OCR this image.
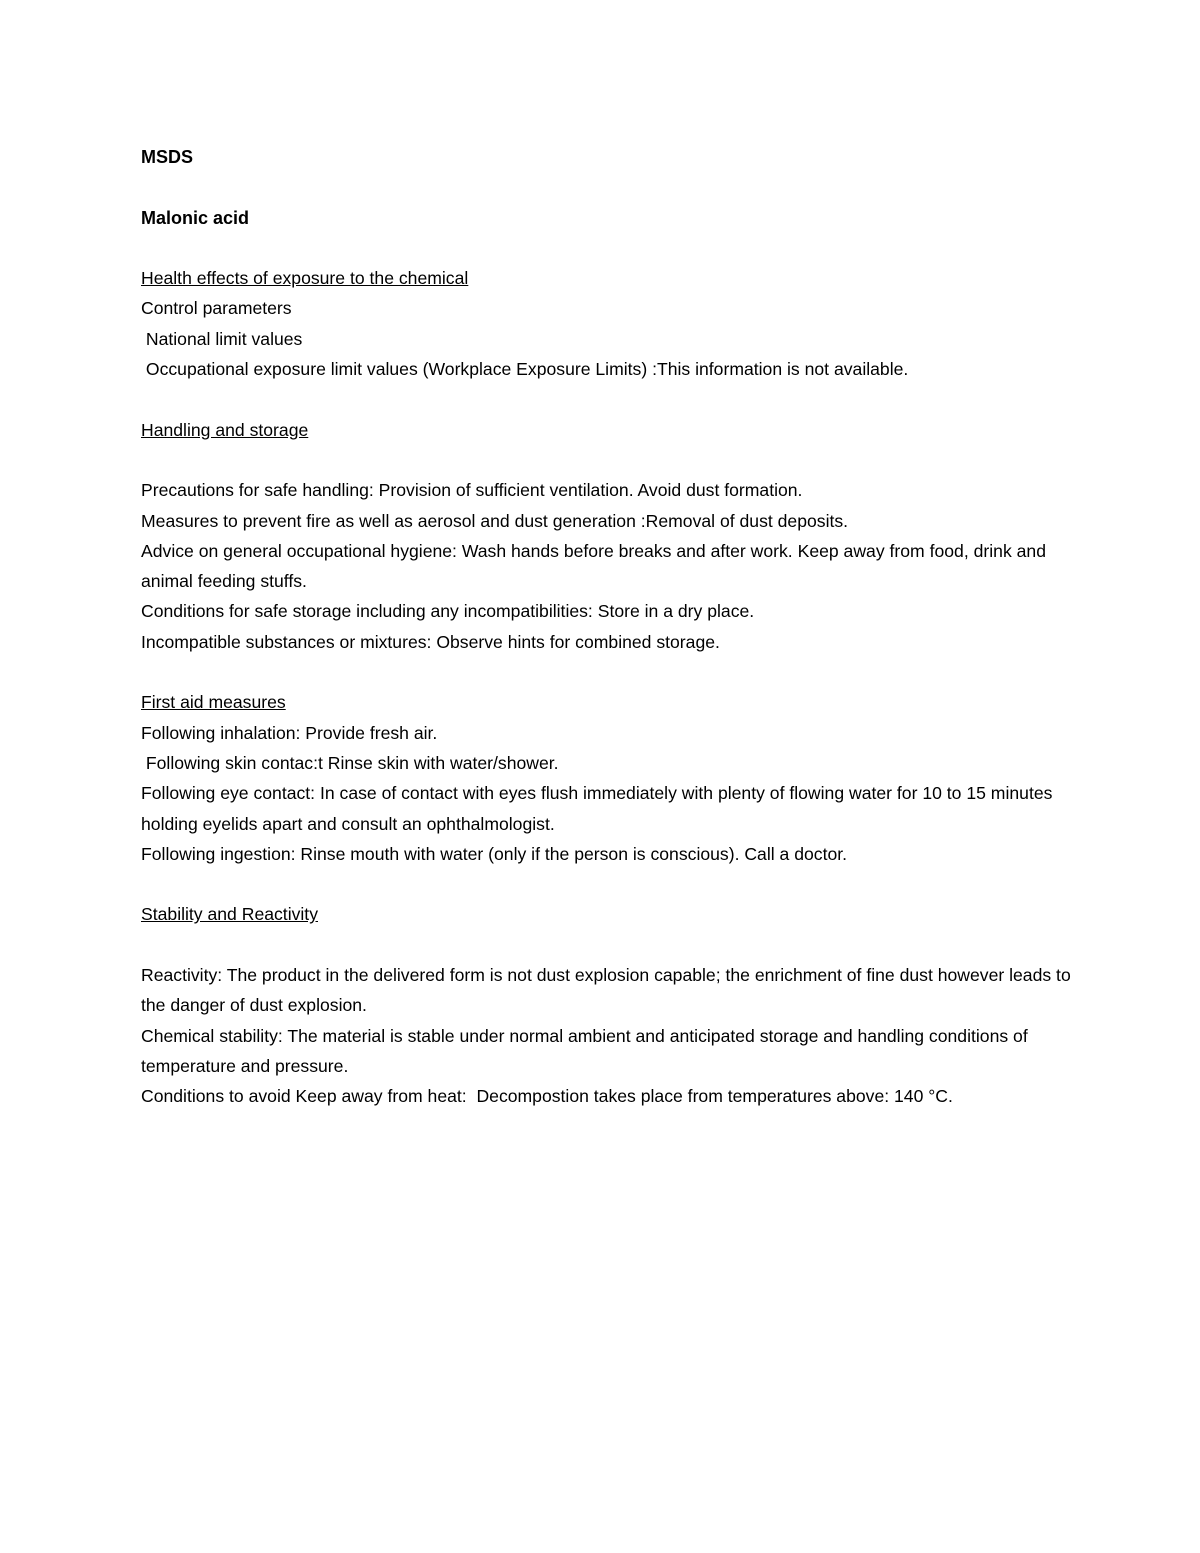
MSDS

Malonic acid

Health effects of exposure to the chemical

Control parameters

National limit values

Occupational exposure limit values (Workplace Exposure Limits) :This information is not available.

Handling and storage

Precautions for safe handling: Provision of sufficient ventilation. Avoid dust formation.

Measures to prevent fire as well as aerosol and dust generation :Removal of dust deposits.

Advice on general occupational hygiene: Wash hands before breaks and after work. Keep away from food, drink and animal feeding stuffs.

Conditions for safe storage including any incompatibilities: Store in a dry place.

Incompatible substances or mixtures: Observe hints for combined storage.

First aid measures

Following inhalation: Provide fresh air.

Following skin contac:t Rinse skin with water/shower.

Following eye contact: In case of contact with eyes flush immediately with plenty of flowing water for 10 to 15 minutes holding eyelids apart and consult an ophthalmologist.

Following ingestion: Rinse mouth with water (only if the person is conscious). Call a doctor.

Stability and Reactivity

Reactivity: The product in the delivered form is not dust explosion capable; the enrichment of fine dust however leads to the danger of dust explosion.

Chemical stability: The material is stable under normal ambient and anticipated storage and handling conditions of temperature and pressure.

Conditions to avoid Keep away from heat:  Decompostion takes place from temperatures above: 140 °C.
